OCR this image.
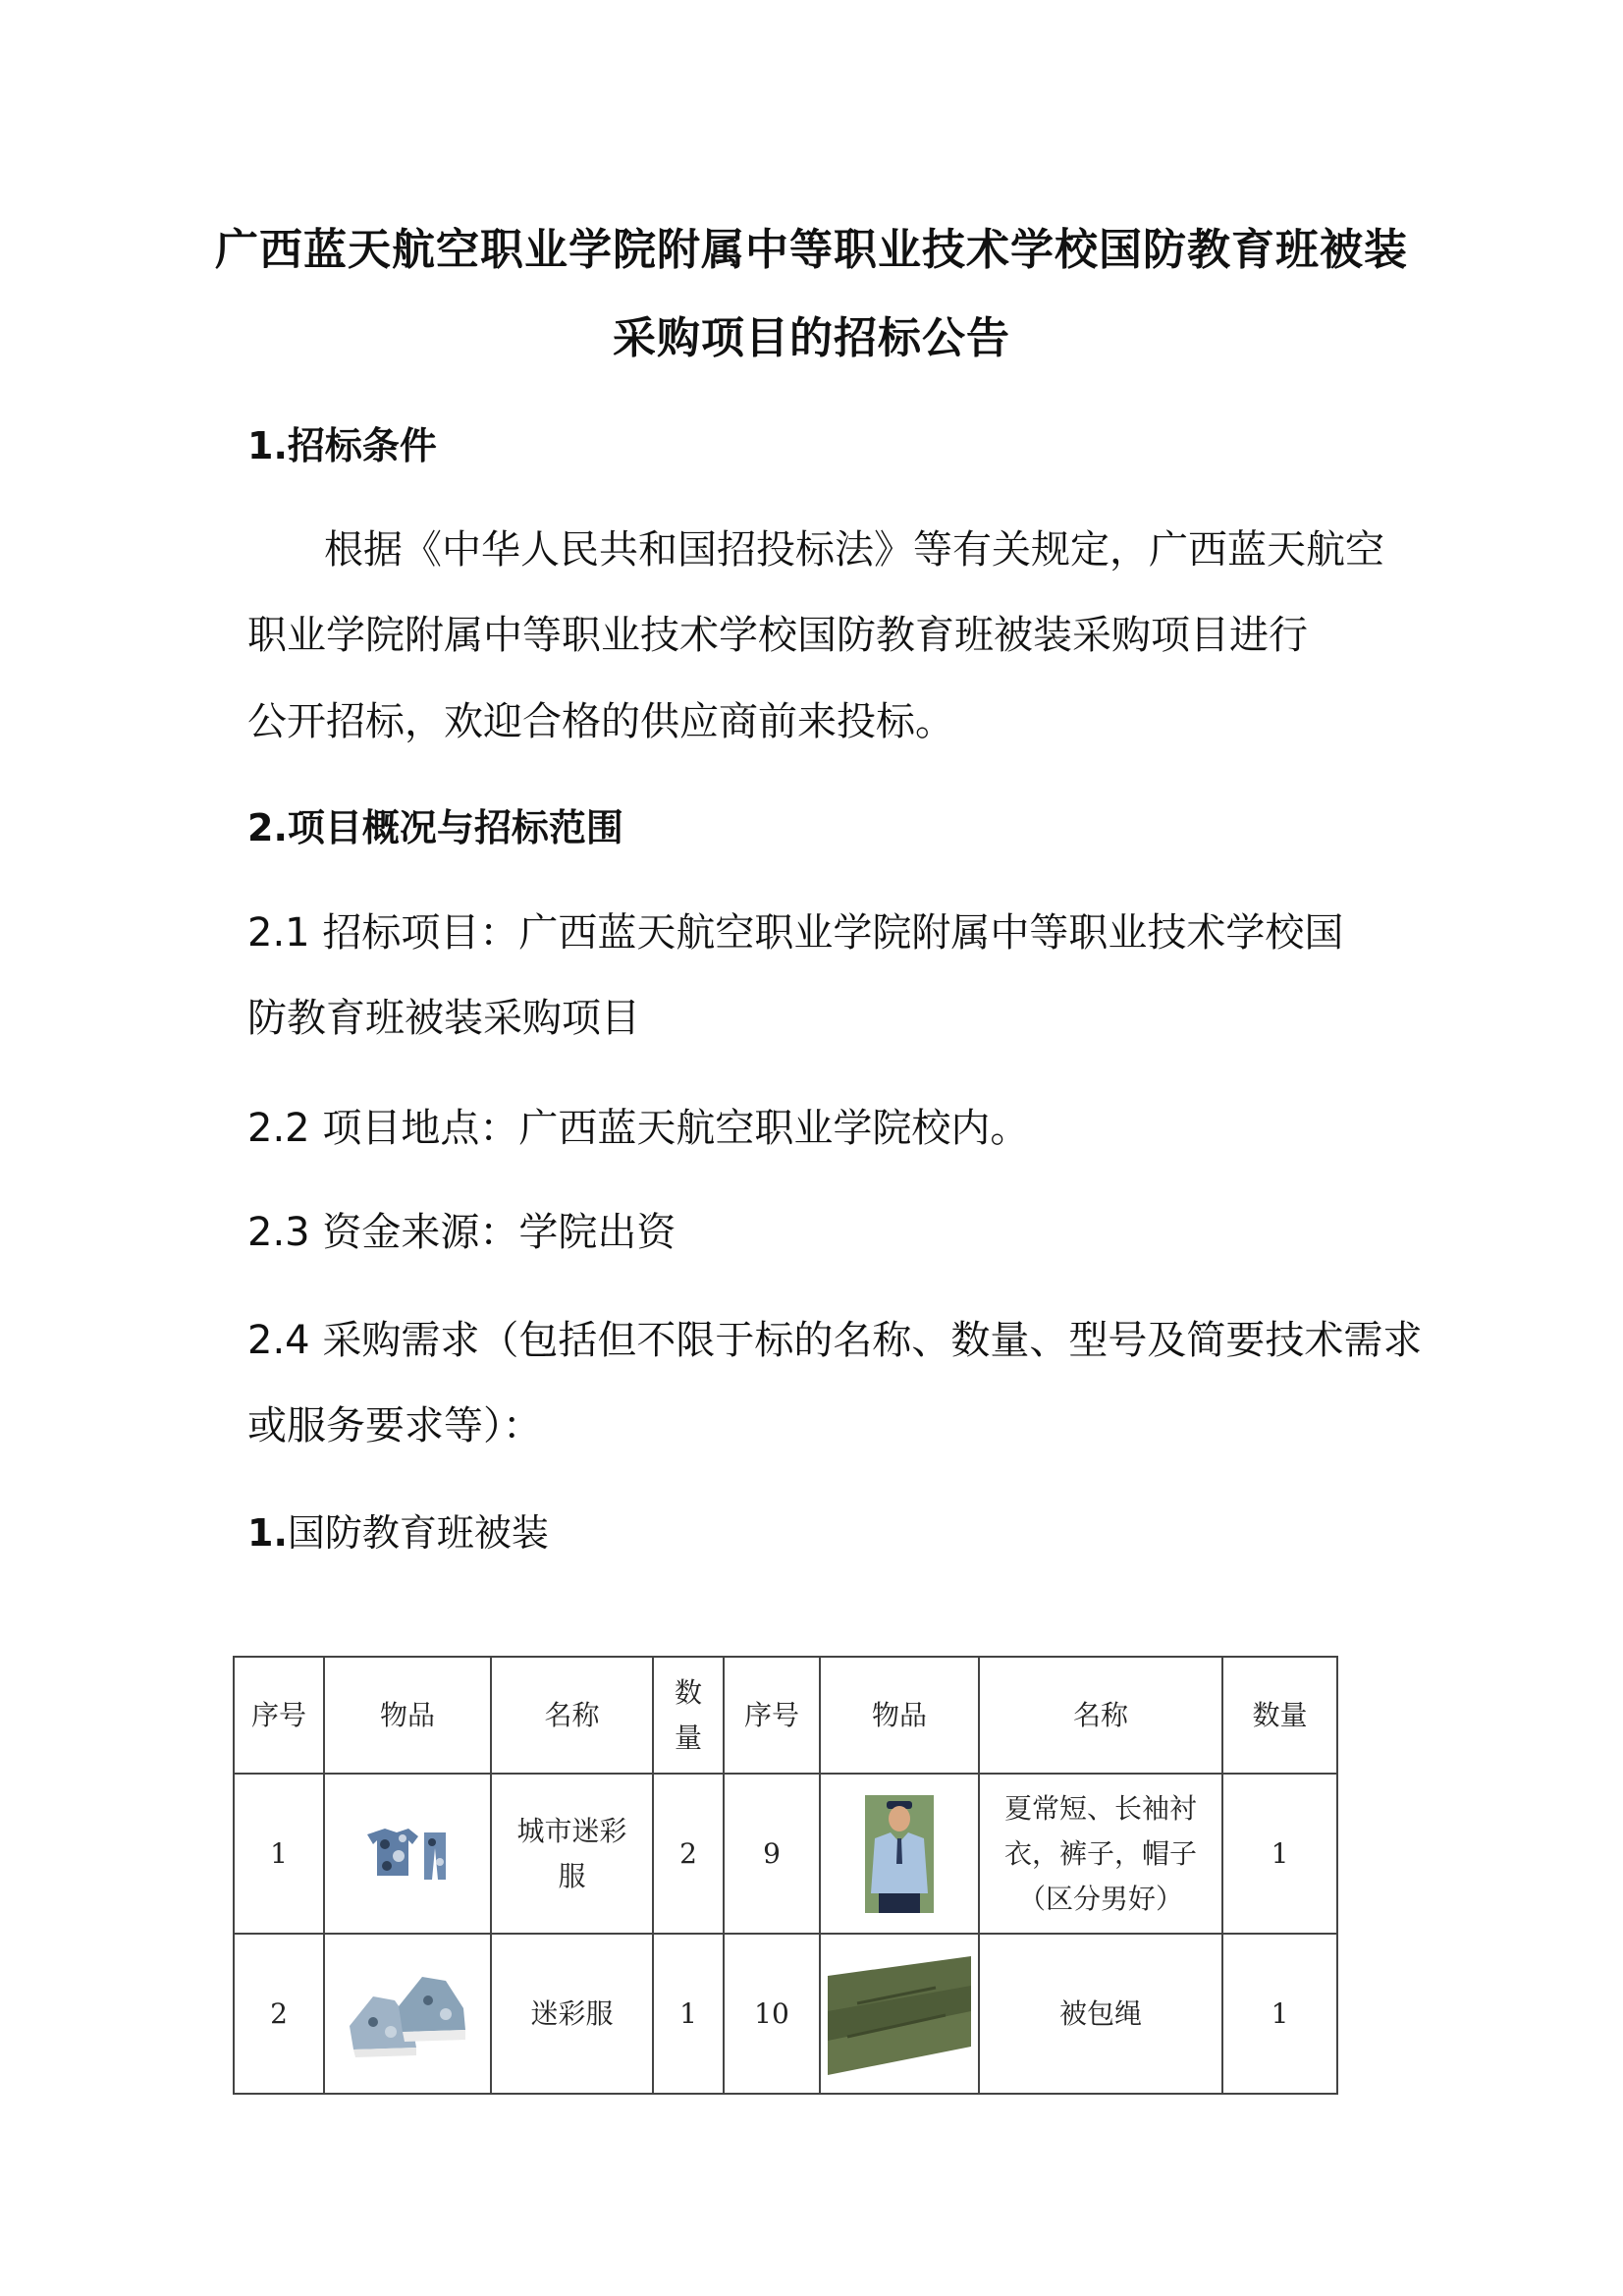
广西蓝天航空职业学院附属中等职业技术学校国防教育班被装
采购项目的招标公告
1.招标条件
根据《中华人民共和国招投标法》等有关规定，广西蓝天航空
职业学院附属中等职业技术学校国防教育班被装采购项目进行
公开招标，欢迎合格的供应商前来投标。
2.项目概况与招标范围
2.1 招标项目：广西蓝天航空职业学院附属中等职业技术学校国
防教育班被装采购项目
2.2 项目地点：广西蓝天航空职业学院校内。
2.3 资金来源：学院出资
2.4 采购需求（包括但不限于标的名称、数量、型号及简要技术需求
或服务要求等）：
1.国防教育班被装
序号	物品	名称	数
量	序号	物品	名称	数量
1		城市迷彩
服	2	9		夏常短、长袖衬
衣，裤子，帽子
（区分男好）	1
2		迷彩服	1	10		被包绳	1
